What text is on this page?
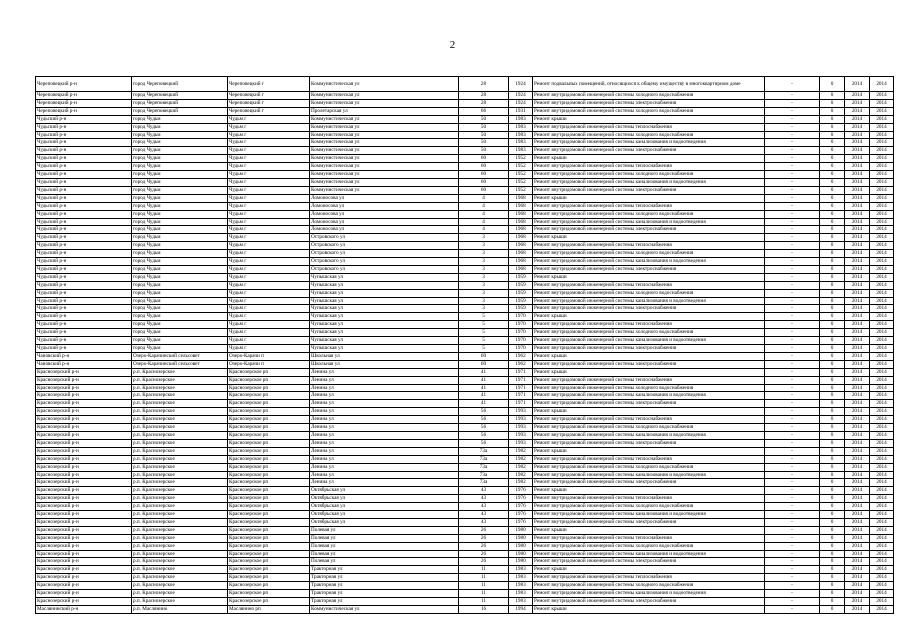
2
Череповецкий р-н	город Череповецкий	Череповецкий г	Коммунистическая ул	28	1924	Ремонт подвальных помещений, относящихся к общему имуществу в многоквартирном доме	-	0	2014	2014
Череповецкий р-н	город Череповецкий	Череповецкий г	Коммунистическая ул	28	1924	Ремонт внутридомовой инженерной системы холодного водоснабжения	-	0	2014	2014
Череповецкий р-н	город Череповецкий	Череповецкий г	Коммунистическая ул	28	1924	Ремонт внутридомовой инженерной системы электроснабжения	-	0	2014	2014
Череповецкий р-н	город Череповецкий	Череповецкий г	Пролетарская ул	66	1931	Ремонт внутридомовой инженерной системы холодного водоснабжения	-	0	2014	2014
Чудьский р-н	город Чудьм	Чудьм г	Коммунистическая ул	50	1983	Ремонт крыши	-	0	2014	2014
Чудьский р-н	город Чудьм	Чудьм г	Коммунистическая ул	50	1983	Ремонт внутридомовой инженерной системы теплоснабжения	-	0	2014	2014
Чудьский р-н	город Чудьм	Чудьм г	Коммунистическая ул	50	1983	Ремонт внутридомовой инженерной системы холодного водоснабжения	-	0	2014	2014
Чудьский р-н	город Чудьм	Чудьм г	Коммунистическая ул	50	1983	Ремонт внутридомовой инженерной системы канализования и водоотведения	-	0	2014	2014
Чудьский р-н	город Чудьм	Чудьм г	Коммунистическая ул	50	1983	Ремонт внутридомовой инженерной системы электроснабжения	-	0	2014	2014
Чудьский р-н	город Чудьм	Чудьм г	Коммунистическая ул	60	1952	Ремонт крыши	-	0	2014	2014
Чудьский р-н	город Чудьм	Чудьм г	Коммунистическая ул	60	1952	Ремонт внутридомовой инженерной системы теплоснабжения	-	0	2014	2014
Чудьский р-н	город Чудьм	Чудьм г	Коммунистическая ул	60	1952	Ремонт внутридомовой инженерной системы холодного водоснабжения	-	0	2014	2014
Чудьский р-н	город Чудьм	Чудьм г	Коммунистическая ул	60	1952	Ремонт внутридомовой инженерной системы канализования и водоотведения	-	0	2014	2014
Чудьский р-н	город Чудьм	Чудьм г	Коммунистическая ул	60	1952	Ремонт внутридомовой инженерной системы электроснабжения	-	0	2014	2014
Чудьский р-н	город Чудьм	Чудьм г	Ломоносова ул	4	1968	Ремонт крыши	-	0	2014	2014
Чудьский р-н	город Чудьм	Чудьм г	Ломоносова ул	4	1968	Ремонт внутридомовой инженерной системы теплоснабжения	-	0	2014	2014
Чудьский р-н	город Чудьм	Чудьм г	Ломоносова ул	4	1968	Ремонт внутридомовой инженерной системы холодного водоснабжения	-	0	2014	2014
Чудьский р-н	город Чудьм	Чудьм г	Ломоносова ул	4	1968	Ремонт внутридомовой инженерной системы канализования и водоотведения	-	0	2014	2014
Чудьский р-н	город Чудьм	Чудьм г	Ломоносова ул	4	1968	Ремонт внутридомовой инженерной системы электроснабжения	-	0	2014	2014
Чудьский р-н	город Чудьм	Чудьм г	Островского ул	3	1968	Ремонт крыши	-	0	2014	2014
Чудьский р-н	город Чудьм	Чудьм г	Островского ул	3	1968	Ремонт внутридомовой инженерной системы теплоснабжения	-	0	2014	2014
Чудьский р-н	город Чудьм	Чудьм г	Островского ул	3	1968	Ремонт внутридомовой инженерной системы холодного водоснабжения	-	0	2014	2014
Чудьский р-н	город Чудьм	Чудьм г	Островского ул	3	1968	Ремонт внутридомовой инженерной системы канализования и водоотведения	-	0	2014	2014
Чудьский р-н	город Чудьм	Чудьм г	Островского ул	3	1968	Ремонт внутридомовой инженерной системы электроснабжения	-	0	2014	2014
Чудьский р-н	город Чудьм	Чудьм г	Чупышская ул	3	1959	Ремонт крыши	-	0	2014	2014
Чудьский р-н	город Чудьм	Чудьм г	Чупышская ул	3	1959	Ремонт внутридомовой инженерной системы теплоснабжения	-	0	2014	2014
Чудьский р-н	город Чудьм	Чудьм г	Чупышская ул	3	1959	Ремонт внутридомовой инженерной системы холодного водоснабжения	-	0	2014	2014
Чудьский р-н	город Чудьм	Чудьм г	Чупышская ул	3	1959	Ремонт внутридомовой инженерной системы канализования и водоотведения	-	0	2014	2014
Чудьский р-н	город Чудьм	Чудьм г	Чупышская ул	3	1959	Ремонт внутридомовой инженерной системы электроснабжения	-	0	2014	2014
Чудьский р-н	город Чудьм	Чудьм г	Чупышская ул	5	1970	Ремонт крыши	-	0	2014	2014
Чудьский р-н	город Чудьм	Чудьм г	Чупышская ул	5	1970	Ремонт внутридомовой инженерной системы теплоснабжения	-	0	2014	2014
Чудьский р-н	город Чудьм	Чудьм г	Чупышская ул	5	1970	Ремонт внутридомовой инженерной системы холодного водоснабжения	-	0	2014	2014
Чудьский р-н	город Чудьм	Чудьм г	Чупышская ул	5	1970	Ремонт внутридомовой инженерной системы канализования и водоотведения	-	0	2014	2014
Чудьский р-н	город Чудьм	Чудьм г	Чупышская ул	5	1970	Ремонт внутридомовой инженерной системы электроснабжения	-	0	2014	2014
Чановский р-н	Озеро-Карачинский сельсовет	Озеро-Карачи п	Школьная ул	60	1962	Ремонт крыши	-	0	2014	2014
Чановский р-н	Озеро-Карачинский сельсовет	Озеро-Карачи п	Школьная ул	60	1962	Ремонт внутридомовой инженерной системы электроснабжения	-	0	2014	2014
Краснозерский р-н	р.п. Краснозерское	Краснозерское рп	Ленина ул	41	1971	Ремонт крыши	-	0	2014	2014
Краснозерский р-н	р.п. Краснозерское	Краснозерское рп	Ленина ул	41	1971	Ремонт внутридомовой инженерной системы теплоснабжения	-	0	2014	2014
Краснозерский р-н	р.п. Краснозерское	Краснозерское рп	Ленина ул	41	1971	Ремонт внутридомовой инженерной системы холодного водоснабжения	-	0	2014	2014
Краснозерский р-н	р.п. Краснозерское	Краснозерское рп	Ленина ул	41	1971	Ремонт внутридомовой инженерной системы канализования и водоотведения	-	0	2014	2014
Краснозерский р-н	р.п. Краснозерское	Краснозерское рп	Ленина ул	41	1971	Ремонт внутридомовой инженерной системы электроснабжения	-	0	2014	2014
Краснозерский р-н	р.п. Краснозерское	Краснозерское рп	Ленина ул	56	1993	Ремонт крыши	-	0	2014	2014
Краснозерский р-н	р.п. Краснозерское	Краснозерское рп	Ленина ул	56	1993	Ремонт внутридомовой инженерной системы теплоснабжения	-	0	2014	2014
Краснозерский р-н	р.п. Краснозерское	Краснозерское рп	Ленина ул	56	1993	Ремонт внутридомовой инженерной системы холодного водоснабжения	-	0	2014	2014
Краснозерский р-н	р.п. Краснозерское	Краснозерское рп	Ленина ул	56	1993	Ремонт внутридомовой инженерной системы канализования и водоотведения	-	0	2014	2014
Краснозерский р-н	р.п. Краснозерское	Краснозерское рп	Ленина ул	56	1993	Ремонт внутридомовой инженерной системы электроснабжения	-	0	2014	2014
Краснозерский р-н	р.п. Краснозерское	Краснозерское рп	Ленина ул	73а	1982	Ремонт крыши	-	0	2014	2014
Краснозерский р-н	р.п. Краснозерское	Краснозерское рп	Ленина ул	73а	1982	Ремонт внутридомовой инженерной системы теплоснабжения	-	0	2014	2014
Краснозерский р-н	р.п. Краснозерское	Краснозерское рп	Ленина ул	73а	1982	Ремонт внутридомовой инженерной системы холодного водоснабжения	-	0	2014	2014
Краснозерский р-н	р.п. Краснозерское	Краснозерское рп	Ленина ул	73а	1982	Ремонт внутридомовой инженерной системы канализования и водоотведения	-	0	2014	2014
Краснозерский р-н	р.п. Краснозерское	Краснозерское рп	Ленина ул	73а	1982	Ремонт внутридомовой инженерной системы электроснабжения	-	0	2014	2014
Краснозерский р-н	р.п. Краснозерское	Краснозерское рп	Октябрьская ул	43	1976	Ремонт крыши	-	0	2014	2014
Краснозерский р-н	р.п. Краснозерское	Краснозерское рп	Октябрьская ул	43	1976	Ремонт внутридомовой инженерной системы теплоснабжения	-	0	2014	2014
Краснозерский р-н	р.п. Краснозерское	Краснозерское рп	Октябрьская ул	43	1976	Ремонт внутридомовой инженерной системы холодного водоснабжения	-	0	2014	2014
Краснозерский р-н	р.п. Краснозерское	Краснозерское рп	Октябрьская ул	43	1976	Ремонт внутридомовой инженерной системы канализования и водоотведения	-	0	2014	2014
Краснозерский р-н	р.п. Краснозерское	Краснозерское рп	Октябрьская ул	43	1976	Ремонт внутридомовой инженерной системы электроснабжения	-	0	2014	2014
Краснозерский р-н	р.п. Краснозерское	Краснозерское рп	Полевая ул	26	1980	Ремонт крыши	-	0	2014	2014
Краснозерский р-н	р.п. Краснозерское	Краснозерское рп	Полевая ул	26	1980	Ремонт внутридомовой инженерной системы теплоснабжения	-	0	2014	2014
Краснозерский р-н	р.п. Краснозерское	Краснозерское рп	Полевая ул	26	1980	Ремонт внутридомовой инженерной системы холодного водоснабжения	-	0	2014	2014
Краснозерский р-н	р.п. Краснозерское	Краснозерское рп	Полевая ул	26	1980	Ремонт внутридомовой инженерной системы канализования и водоотведения	-	0	2014	2014
Краснозерский р-н	р.п. Краснозерское	Краснозерское рп	Полевая ул	26	1980	Ремонт внутридомовой инженерной системы электроснабжения	-	0	2014	2014
Краснозерский р-н	р.п. Краснозерское	Краснозерское рп	Тракторная ул	11	1983	Ремонт крыши	-	0	2014	2014
Краснозерский р-н	р.п. Краснозерское	Краснозерское рп	Тракторная ул	11	1983	Ремонт внутридомовой инженерной системы теплоснабжения	-	0	2014	2014
Краснозерский р-н	р.п. Краснозерское	Краснозерское рп	Тракторная ул	11	1983	Ремонт внутридомовой инженерной системы холодного водоснабжения	-	0	2014	2014
Краснозерский р-н	р.п. Краснозерское	Краснозерское рп	Тракторная ул	11	1983	Ремонт внутридомовой инженерной системы канализования и водоотведения	-	0	2014	2014
Краснозерский р-н	р.п. Краснозерское	Краснозерское рп	Тракторная ул	11	1983	Ремонт внутридомовой инженерной системы электроснабжения	-	0	2014	2014
Маслянинский р-н	р.п. Маслянино	Маслянино рп	Коммунистическая ул	16	1994	Ремонт крыши	-	0	2014	2014
